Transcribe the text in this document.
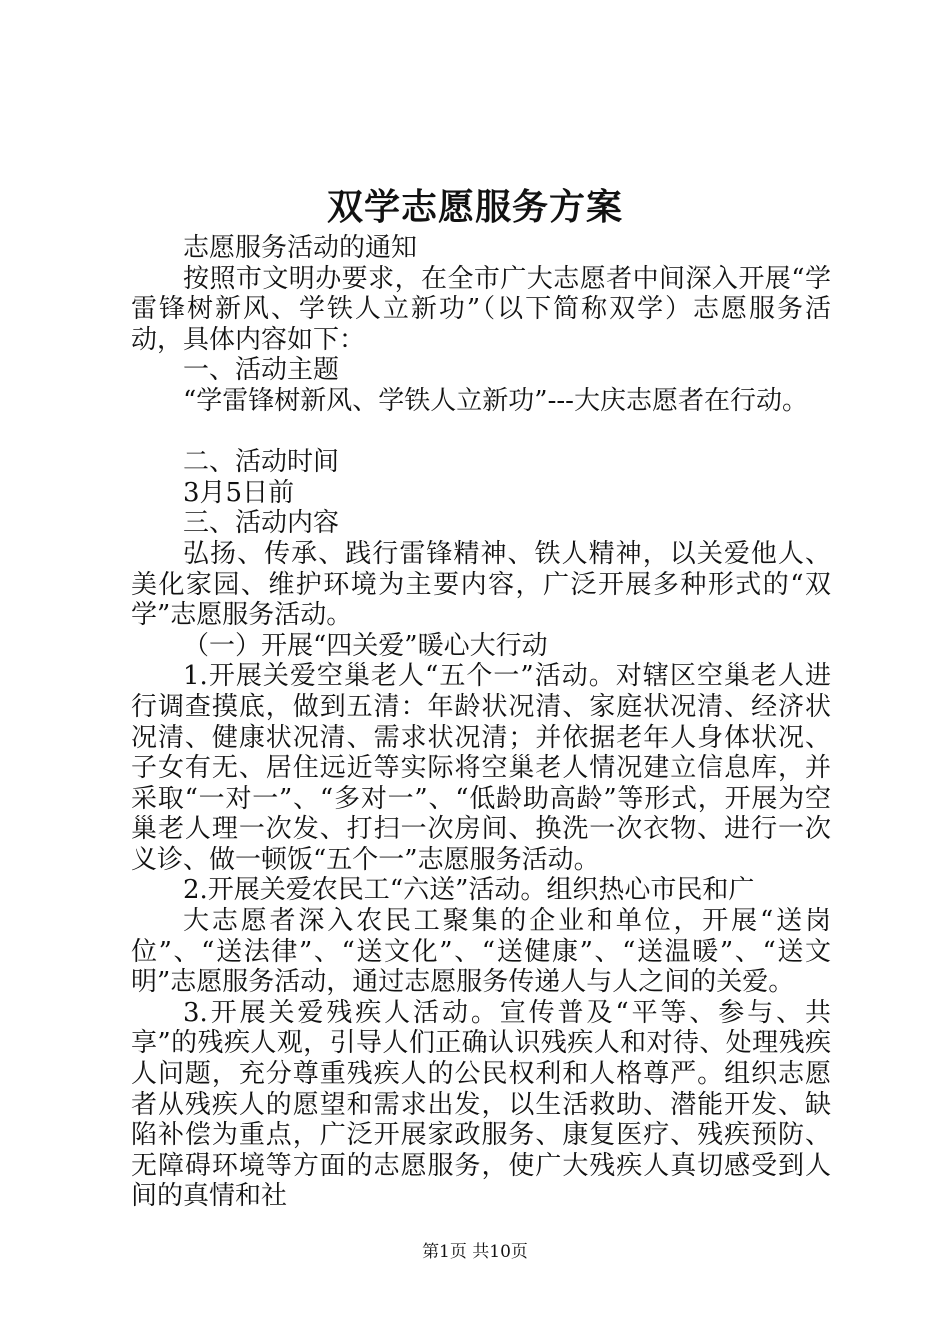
双学志愿服务方案

志愿服务活动的通知

按照市文明办要求，在全市广大志愿者中间深入开展“学雷锋树新风、学铁人立新功”（以下简称双学）志愿服务活动，具体内容如下：

一、活动主题

“学雷锋树新风、学铁人立新功”---大庆志愿者在行动。

二、活动时间

3月5日前

三、活动内容

弘扬、传承、践行雷锋精神、铁人精神，以关爱他人、美化家园、维护环境为主要内容，广泛开展多种形式的“双学”志愿服务活动。

（一）开展“四关爱”暖心大行动

1.开展关爱空巢老人“五个一”活动。对辖区空巢老人进行调查摸底，做到五清：年龄状况清、家庭状况清、经济状况清、健康状况清、需求状况清；并依据老年人身体状况、子女有无、居住远近等实际将空巢老人情况建立信息库，并采取“一对一”、“多对一”、“低龄助高龄”等形式，开展为空巢老人理一次发、打扫一次房间、换洗一次衣物、进行一次义诊、做一顿饭“五个一”志愿服务活动。

2.开展关爱农民工“六送”活动。组织热心市民和广

大志愿者深入农民工聚集的企业和单位，开展“送岗位”、“送法律”、“送文化”、“送健康”、“送温暖”、“送文明”志愿服务活动，通过志愿服务传递人与人之间的关爱。

3.开展关爱残疾人活动。宣传普及“平等、参与、共享”的残疾人观，引导人们正确认识残疾人和对待、处理残疾人问题，充分尊重残疾人的公民权利和人格尊严。组织志愿者从残疾人的愿望和需求出发，以生活救助、潜能开发、缺陷补偿为重点，广泛开展家政服务、康复医疗、残疾预防、无障碍环境等方面的志愿服务，使广大残疾人真切感受到人间的真情和社

第1页 共10页
